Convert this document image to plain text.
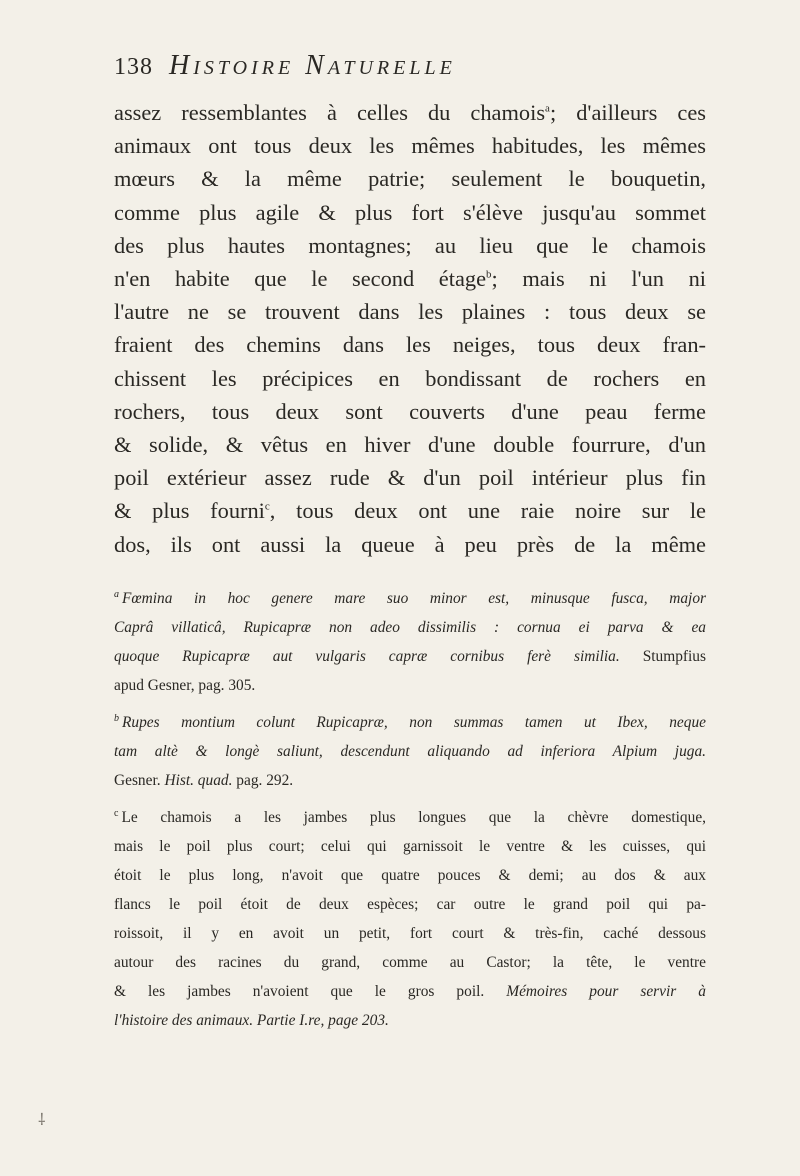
138 Histoire Naturelle
assez ressemblantes à celles du chamois$^a$; d'ailleurs ces
animaux ont tous deux les mêmes habitudes, les mêmes
mœurs & la même patrie; seulement le bouquetin,
comme plus agile & plus fort s'élève jusqu'au sommet
des plus hautes montagnes; au lieu que le chamois
n'en habite que le second étage$^b$; mais ni l'un ni
l'autre ne se trouvent dans les plaines : tous deux se
fraient des chemins dans les neiges, tous deux fran-
chissent les précipices en bondissant de rochers en
rochers, tous deux sont couverts d'une peau ferme
& solide, & vêtus en hiver d'une double fourrure, d'un
poil extérieur assez rude & d'un poil intérieur plus fin
& plus fourni$^c$, tous deux ont une raie noire sur le
dos, ils ont aussi la queue à peu près de la même
$^a$ Fœmina in hoc genere mare suo minor est, minusque fusca, major
Caprâ villaticâ, Rupicapræ non adeo dissimilis : cornua ei parva & ea
quoque Rupicapræ aut vulgaris capræ cornibus ferè similia. Stumpfius
apud Gesner, pag. 305.
$^b$ Rupes montium colunt Rupicapræ, non summas tamen ut Ibex, neque
tam altè & longè saliunt, descendunt aliquando ad inferiora Alpium juga.
Gesner. Hist. quad. pag. 292.
$^c$ Le chamois a les jambes plus longues que la chèvre domestique,
mais le poil plus court; celui qui garnissoit le ventre & les cuisses, qui
étoit le plus long, n'avoit que quatre pouces & demi; au dos & aux
flancs le poil étoit de deux espèces; car outre le grand poil qui pa-
roissoit, il y en avoit un petit, fort court & très-fin, caché dessous
autour des racines du grand, comme au Castor; la tête, le ventre
& les jambes n'avoient que le gros poil. Mémoires pour servir à
l'histoire des animaux. Partie I.re, page 203.
⸸
